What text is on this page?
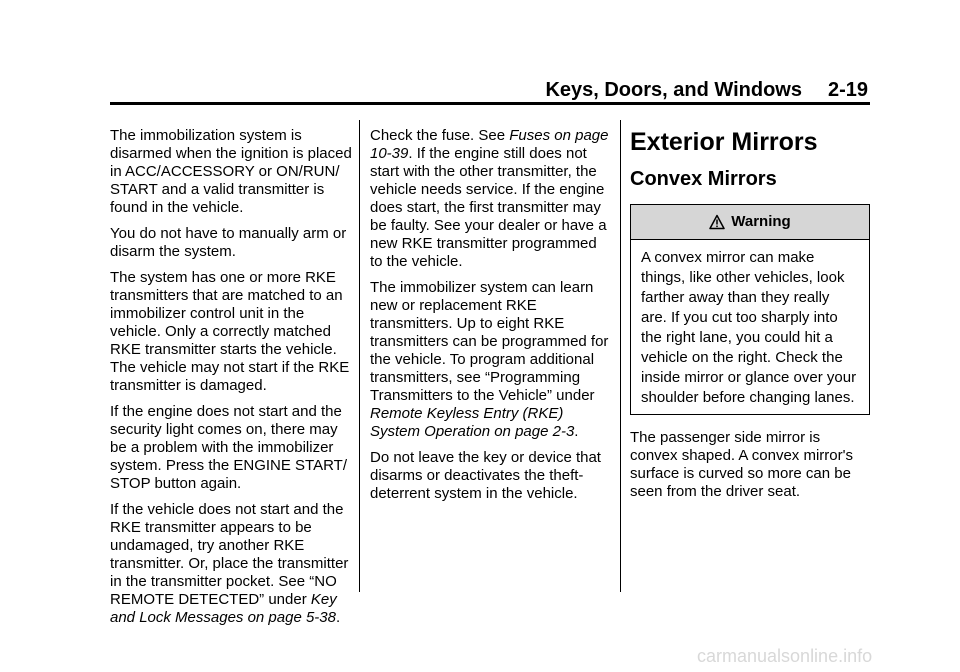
Keys, Doors, and Windows 2-19

The immobilization system is disarmed when the ignition is placed in ACC/ACCESSORY or ON/RUN/ START and a valid transmitter is found in the vehicle.

You do not have to manually arm or disarm the system.

The system has one or more RKE transmitters that are matched to an immobilizer control unit in the vehicle. Only a correctly matched RKE transmitter starts the vehicle. The vehicle may not start if the RKE transmitter is damaged.

If the engine does not start and the security light comes on, there may be a problem with the immobilizer system. Press the ENGINE START/ STOP button again.

If the vehicle does not start and the RKE transmitter appears to be undamaged, try another RKE transmitter. Or, place the transmitter in the transmitter pocket. See “NO REMOTE DETECTED” under Key and Lock Messages on page 5-38.

Check the fuse. See Fuses on page 10-39. If the engine still does not start with the other transmitter, the vehicle needs service. If the engine does start, the first transmitter may be faulty. See your dealer or have a new RKE transmitter programmed to the vehicle.

The immobilizer system can learn new or replacement RKE transmitters. Up to eight RKE transmitters can be programmed for the vehicle. To program additional transmitters, see “Programming Transmitters to the Vehicle” under Remote Keyless Entry (RKE) System Operation on page 2-3.

Do not leave the key or device that disarms or deactivates the theft-deterrent system in the vehicle.

Exterior Mirrors
Convex Mirrors
Warning

A convex mirror can make things, like other vehicles, look farther away than they really are. If you cut too sharply into the right lane, you could hit a vehicle on the right. Check the inside mirror or glance over your shoulder before changing lanes.

The passenger side mirror is convex shaped. A convex mirror's surface is curved so more can be seen from the driver seat.

carmanualsonline.info
